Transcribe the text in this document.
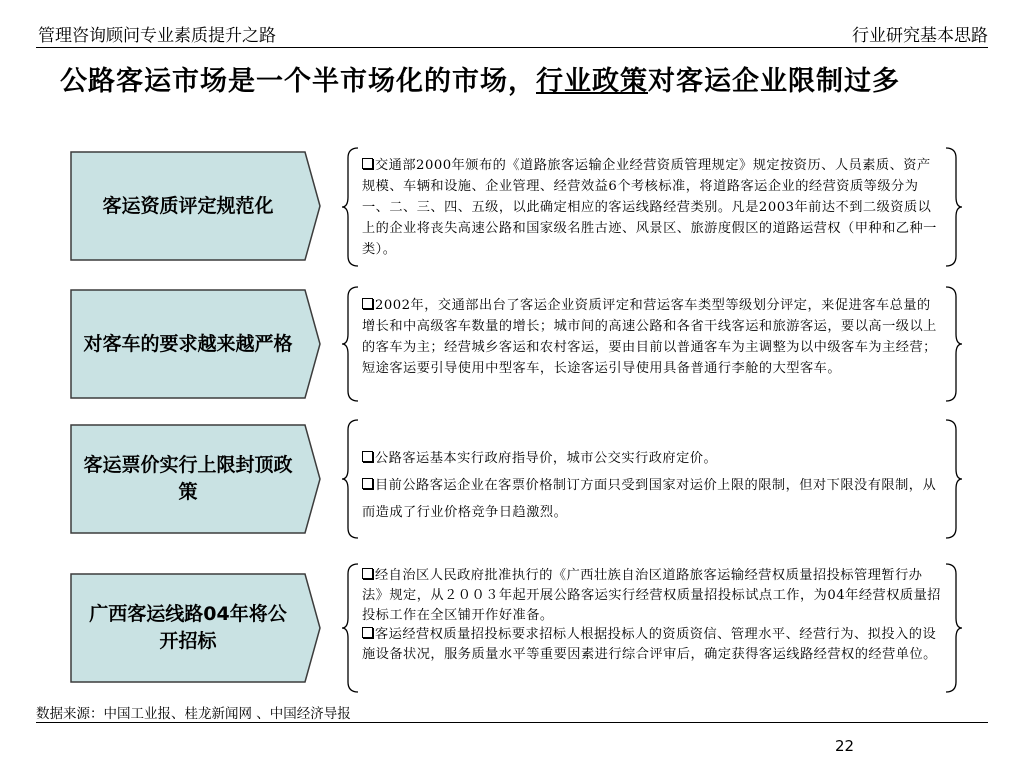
管理咨询顾问专业素质提升之路	行业研究基本思路
公路客运市场是一个半市场化的市场，行业政策对客运企业限制过多
客运资质评定规范化

交通部2000年颁布的《道路旅客运输企业经营资质管理规定》规定按资历、人员素质、资产规模、车辆和设施、企业管理、经营效益6个考核标准，将道路客运企业的经营资质等级分为一、二、三、四、五级，以此确定相应的客运线路经营类别。凡是2003年前达不到二级资质以上的企业将丧失高速公路和国家级名胜古迹、风景区、旅游度假区的道路运营权（甲种和乙种一类）。

对客车的要求越来越严格

2002年，交通部出台了客运企业资质评定和营运客车类型等级划分评定，来促进客车总量的增长和中高级客车数量的增长；城市间的高速公路和各省干线客运和旅游客运，要以高一级以上的客车为主；经营城乡客运和农村客运，要由目前以普通客车为主调整为以中级客车为主经营；短途客运要引导使用中型客车，长途客运引导使用具备普通行李舱的大型客车。

客运票价实行上限封顶政策

公路客运基本实行政府指导价，城市公交实行政府定价。

目前公路客运企业在客票价格制订方面只受到国家对运价上限的限制，但对下限没有限制，从而造成了行业价格竞争日趋激烈。

广西客运线路04年将公开招标

经自治区人民政府批准执行的《广西壮族自治区道路旅客运输经营权质量招投标管理暂行办法》规定，从２００３年起开展公路客运实行经营权质量招投标试点工作，为04年经营权质量招投标工作在全区铺开作好准备。

客运经营权质量招投标要求招标人根据投标人的资质资信、管理水平、经营行为、拟投入的设施设备状况，服务质量水平等重要因素进行综合评审后，确定获得客运线路经营权的经营单位。

数据来源：中国工业报、桂龙新闻网 、中国经济导报
22
